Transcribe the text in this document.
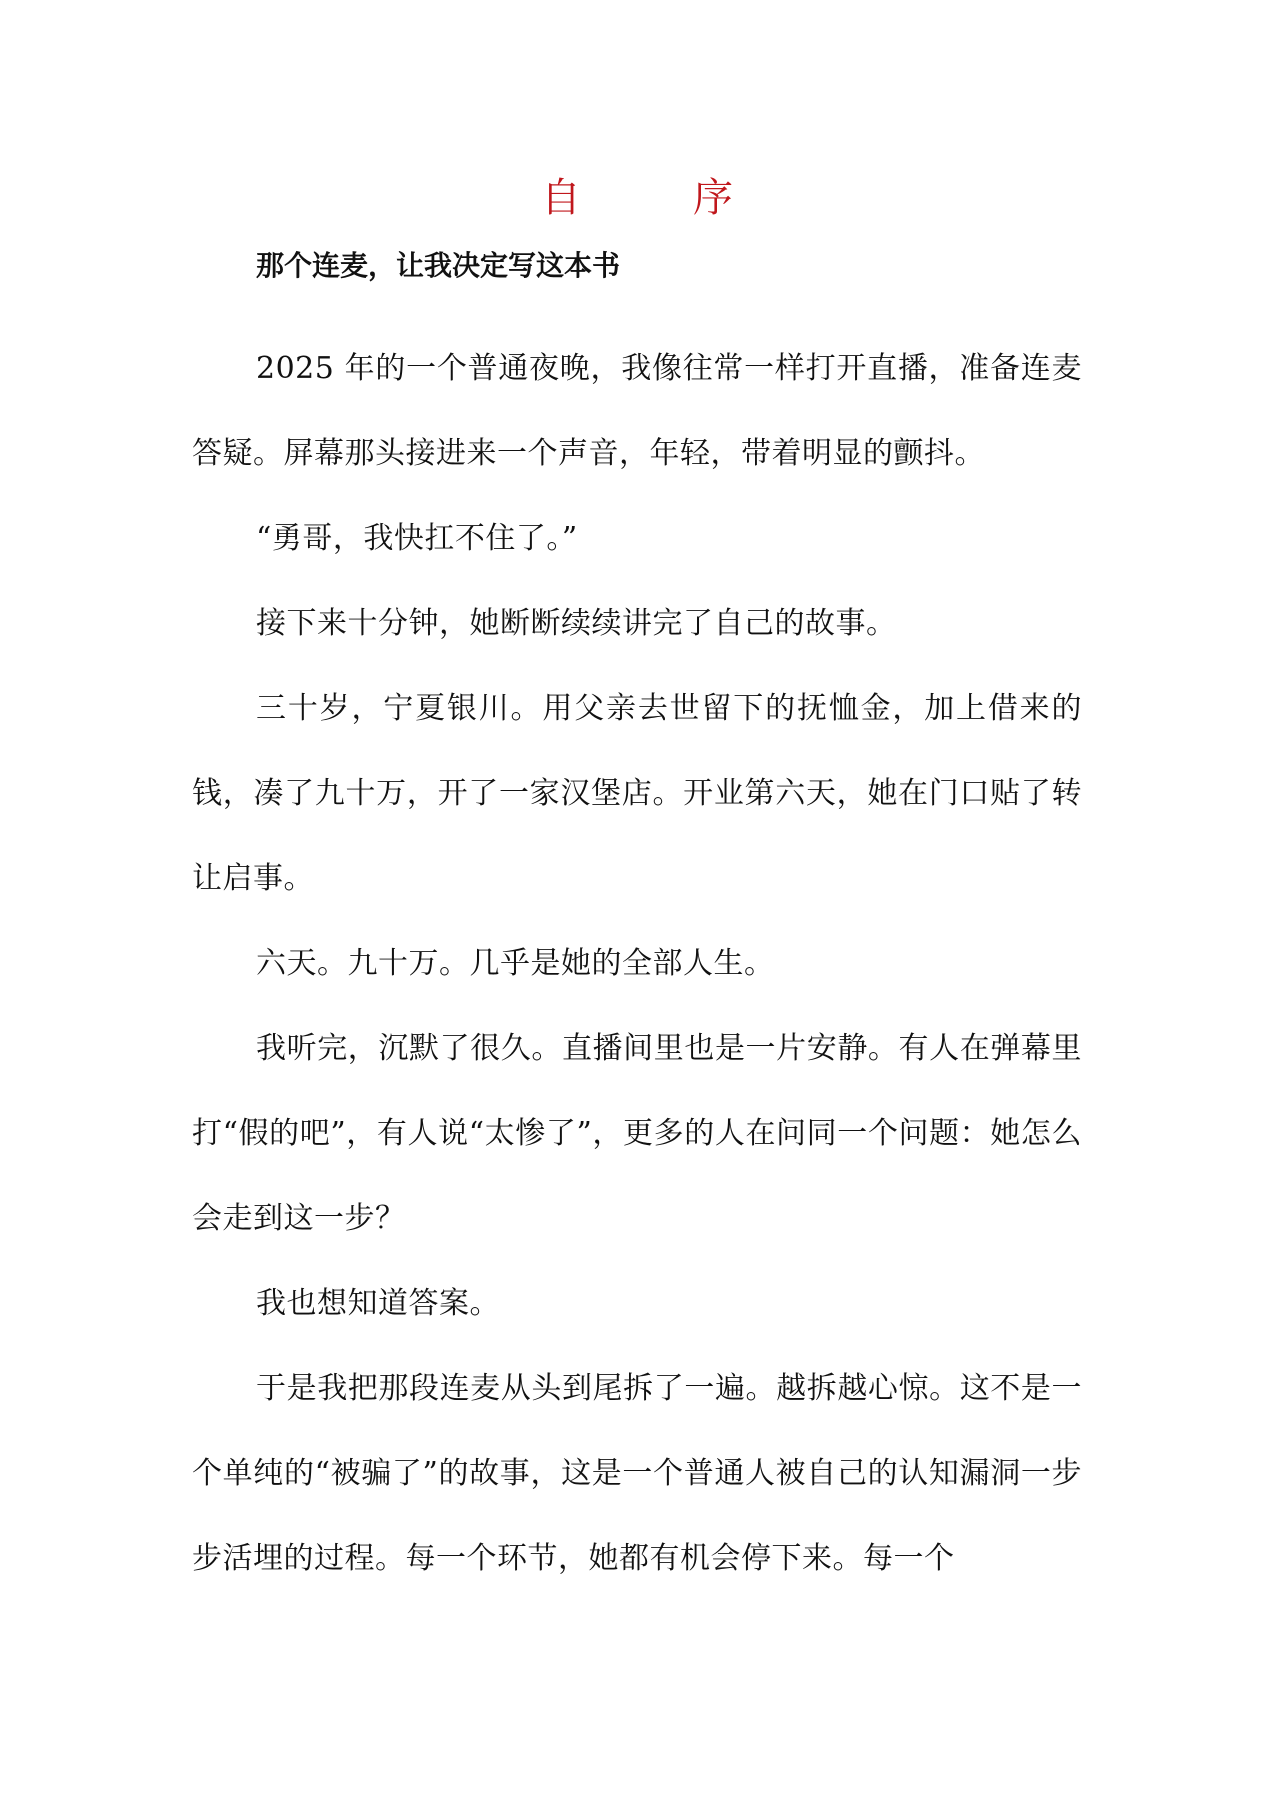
自　序
那个连麦，让我决定写这本书

2025 年的一个普通夜晚，我像往常一样打开直播，准备连麦答疑。屏幕那头接进来一个声音，年轻，带着明显的颤抖。

“勇哥，我快扛不住了。”

接下来十分钟，她断断续续讲完了自己的故事。

三十岁，宁夏银川。用父亲去世留下的抚恤金，加上借来的钱，凑了九十万，开了一家汉堡店。开业第六天，她在门口贴了转让启事。

六天。九十万。几乎是她的全部人生。

我听完，沉默了很久。直播间里也是一片安静。有人在弹幕里打“假的吧”，有人说“太惨了”，更多的人在问同一个问题：她怎么会走到这一步？

我也想知道答案。

于是我把那段连麦从头到尾拆了一遍。越拆越心惊。这不是一个单纯的“被骗了”的故事，这是一个普通人被自己的认知漏洞一步步活埋的过程。每一个环节，她都有机会停下来。每一个
